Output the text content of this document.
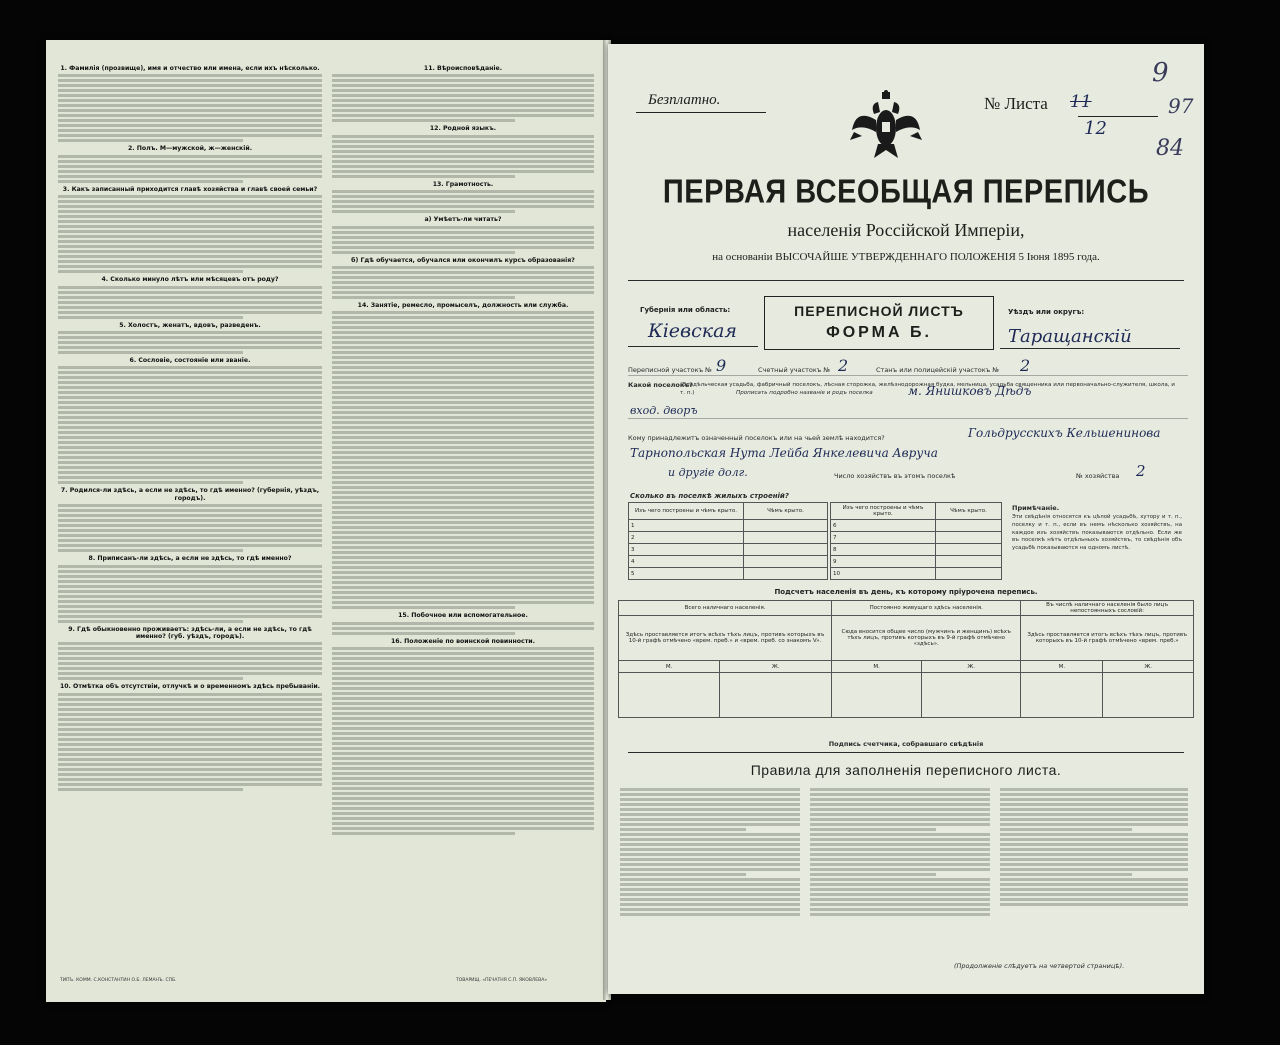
1. Фамилія (прозвище), имя и отчество или имена, если ихъ нѣсколько.
2. Полъ. М—мужской, ж—женскій.
3. Какъ записанный приходится главѣ хозяйства и главѣ своей семьи?
4. Сколько минуло лѣтъ или мѣсяцевъ отъ роду?
5. Холостъ, женатъ, вдовъ, разведенъ.
6. Сословіе, состояніе или званіе.
7. Родился-ли здѣсь, а если не здѣсь, то гдѣ именно? (губернія, уѣздъ, городъ).
8. Приписанъ-ли здѣсь, а если не здѣсь, то гдѣ именно?
9. Гдѣ обыкновенно проживаетъ: здѣсь-ли, а если не здѣсь, то гдѣ именно? (губ. уѣздъ, городъ).
10. Отмѣтка объ отсутствіи, отлучкѣ и о временномъ здѣсь пребываніи.
11. Вѣроисповѣданіе.
12. Родной языкъ.
13. Грамотность.
а) Умѣетъ-ли читать?
б) Гдѣ обучается, обучался или окончилъ курсъ образованія?
14. Занятіе, ремесло, промыселъ, должность или служба.
15. Побочное или вспомогательное.
16. Положеніе по воинской повинности.
ТИПЪ. КОММ. С.КОНСТАНТИН О.Б. ЛЕМАНЪ. СПБ.	ТОВАРИЩ. «ПЕЧАТНЯ С.П. ЯКОВЛЕВА»
Безплатно.	№ Листа 11
12
ПЕРВАЯ ВСЕОБЩАЯ ПЕРЕПИСЬ
населенія Россійской Имперіи,
на основаніи ВЫСОЧАЙШЕ УТВЕРЖДЕННАГО ПОЛОЖЕНІЯ 5 Іюня 1895 года.
ПЕРЕПИСНОЙ ЛИСТЪ
ФОРМА Б.
Губернія или область:
Кіевская
Уѣздъ или округъ:
Таращанскій
Переписной участокъ № 9	Счетный участокъ № 2	Станъ или полицейскій участокъ № 2
Какой поселокъ?
(Владѣльческая усадьба, фабричный поселокъ, лѣсная сторожка, желѣзнодорожная будка, мельница, усадьба священника или первоначально-служителя, школа, и т. п.)	Прописать подробно названіе и родъ поселка	м. Янишковъ Дѣдъ
вход. дворъ
Кому принадлежитъ означенный поселокъ или на чьей землѣ находится?	Гольдрусскихъ Кельшенинова
Тарнопольская Нута Лейба Янкелевича Авруча
и другіе долг.	Число хозяйствъ въ этомъ поселкѣ	№ хозяйства 2
Сколько въ поселкѣ жилыхъ строеній?
Изъ чего построены и чѣмъ крыто.	Чѣмъ крыто.
1	
2	
3	
4	
5	
Изъ чего построены и чѣмъ крыто.	Чѣмъ крыто.
6	
7	
8	
9	
10	
Примѣчаніе.
Эти свѣдѣнія относятся къ цѣлой усадьбѣ, хутору и т. п., поселку и т. п., если въ немъ нѣсколько хозяйствъ, на каждое изъ хозяйствъ показываются отдѣльно. Если же въ поселкѣ нѣтъ отдѣльныхъ хозяйствъ, то свѣдѣнія объ усадьбѣ показываются на одномъ листѣ.
Подсчетъ населенія въ день, къ которому пріурочена перепись.
Всего наличнаго населенія.		Постоянно живущаго здѣсь населенія.		Въ числѣ наличнаго населенія было лицъ непостоянныхъ сословій:	
Здѣсь проставляется итогъ всѣхъ тѣхъ лицъ, противъ которыхъ въ 10-й графѣ отмѣчено «врем. преб.» и «врем. преб. со знакомъ V».		Сюда вносится общее число (мужчинъ и женщинъ) всѣхъ тѣхъ лицъ, противъ которыхъ въ 9-й графѣ отмѣчено «здѣсь».		Здѣсь проставляется итогъ всѣхъ тѣхъ лицъ, противъ которыхъ въ 10-й графѣ отмѣчено «врем. преб.»	
М.	Ж.	М.	Ж.	М.	Ж.

Подпись счетчика, собравшаго свѣдѣнія
Правила для заполненія переписного листа.
(Продолженіе слѣдуетъ на четвертой страницѣ).
9
97
84
